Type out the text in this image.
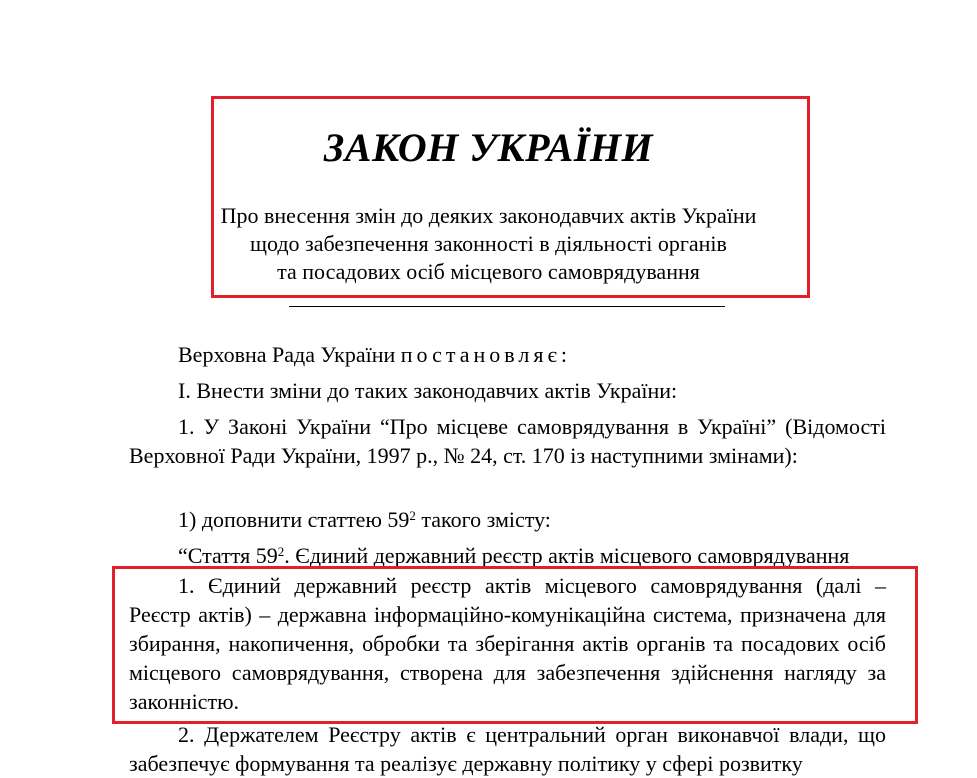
ЗАКОН УКРАЇНИ
Про внесення змін до деяких законодавчих актів України
щодо забезпечення законності в діяльності органів
та посадових осіб місцевого самоврядування

Верховна Рада України постановляє:

І. Внести зміни до таких законодавчих актів України:

1. У Законі України “Про місцеве самоврядування в Україні” (Відомості Верховної Ради України, 1997 р., № 24, ст. 170 із наступними змінами):

1) доповнити статтею $59^2$ такого змісту:

“Стаття $59^2$. Єдиний державний реєстр актів місцевого самоврядування

1. Єдиний державний реєстр актів місцевого самоврядування (далі – Реєстр актів) – державна інформаційно-комунікаційна система, призначена для збирання, накопичення, обробки та зберігання актів органів та посадових осіб місцевого самоврядування, створена для забезпечення здійснення нагляду за законністю.

2. Держателем Реєстру актів є центральний орган виконавчої влади, що забезпечує формування та реалізує державну політику у сфері розвитку
